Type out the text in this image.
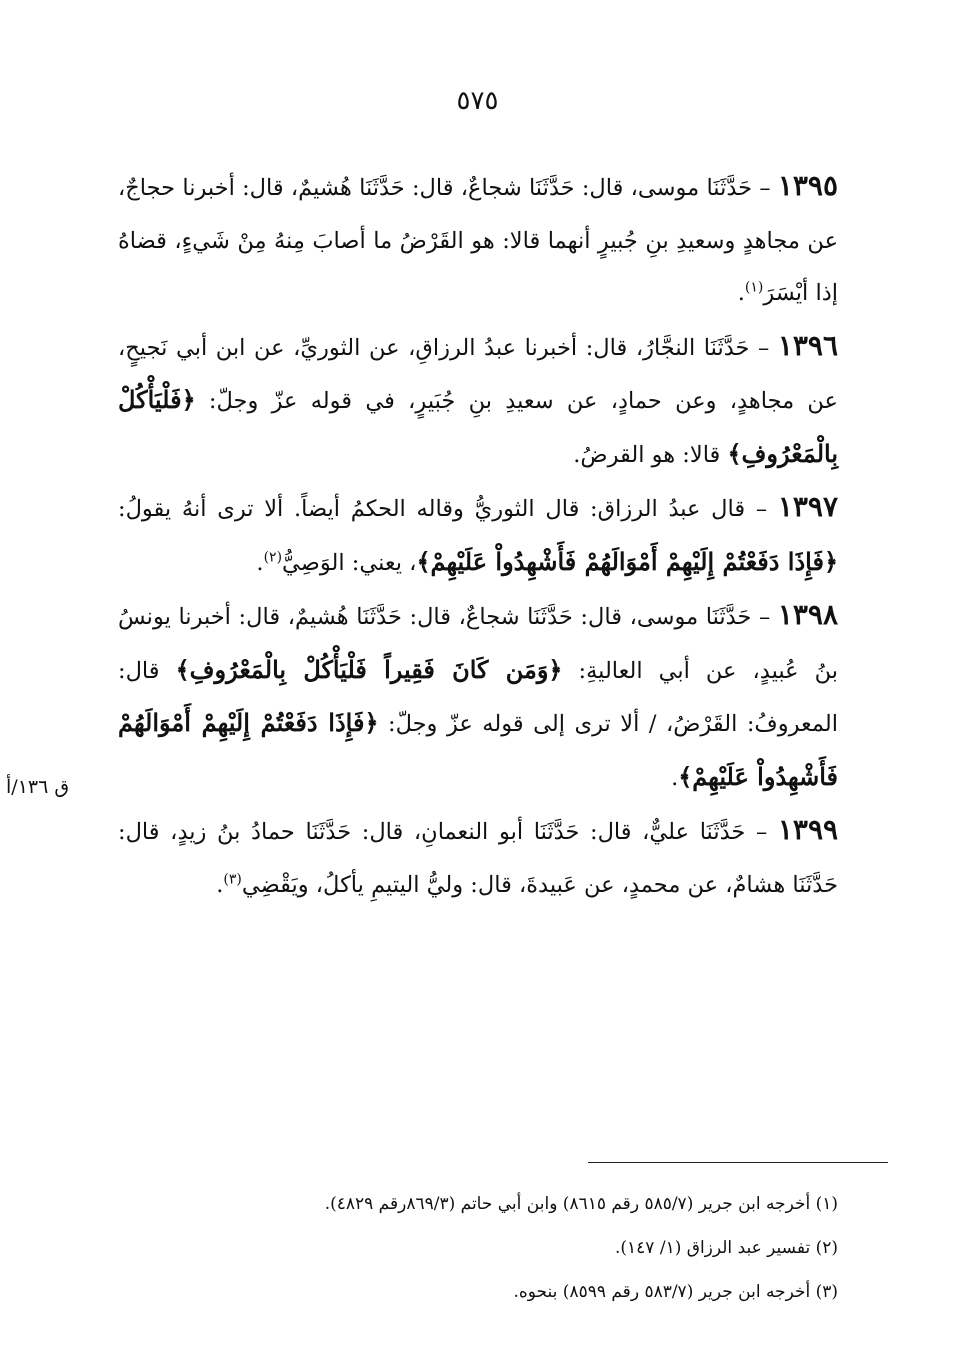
٥٧٥

١٣٩٥ – حَدَّثَنَا موسى، قال: حَدَّثَنَا شجاعٌ، قال: حَدَّثَنَا هُشيمٌ، قال: أخبرنا حجاجٌ، عن مجاهدٍ وسعيدِ بنِ جُبيرٍ أنهما قالا: هو القَرْضُ ما أصابَ مِنهُ مِنْ شَيءٍ، قضاهُ إذا أيْسَرَ$^{(١)}$.

١٣٩٦ – حَدَّثَنَا النجَّارُ، قال: أخبرنا عبدُ الرزاقِ، عن الثوريِّ، عن ابن أبي نَجيحٍ، عن مجاهدٍ، وعن حمادٍ، عن سعيدِ بنِ جُبَيرٍ، في قوله عزّ وجلّ: ﴿فَلْيَأْكُلْ بِالْمَعْرُوفِ﴾ قالا: هو القرضُ.

١٣٩٧ – قال عبدُ الرزاق: قال الثوريُّ وقاله الحكمُ أيضاً. ألا ترى أنهُ يقولُ: ﴿فَإِذَا دَفَعْتُمْ إِلَيْهِمْ أَمْوَالَهُمْ فَأَشْهِدُواْ عَلَيْهِمْ﴾، يعني: الوَصِيُّ$^{(٢)}$.

١٣٩٨ – حَدَّثَنَا موسى، قال: حَدَّثَنَا شجاعٌ، قال: حَدَّثَنَا هُشيمٌ، قال: أخبرنا يونسُ بنُ عُبيدٍ، عن أبي العاليةِ: ﴿وَمَن كَانَ فَقِيراً فَلْيَأْكُلْ بِالْمَعْرُوفِ﴾ قال: المعروفُ: القَرْضُ، / ألا ترى إلى قوله عزّ وجلّ: ﴿فَإِذَا دَفَعْتُمْ إِلَيْهِمْ أَمْوَالَهُمْ فَأَشْهِدُواْ عَلَيْهِمْ﴾.

١٣٩٩ – حَدَّثَنَا عليٌّ، قال: حَدَّثَنَا أبو النعمانِ، قال: حَدَّثَنَا حمادُ بنُ زيدٍ، قال: حَدَّثَنَا هشامٌ، عن محمدٍ، عن عَبيدةَ، قال: وليُّ اليتيمِ يأكلُ، ويَقْضِي$^{(٣)}$.

ق ١٣٦/أ

(١) أخرجه ابن جرير (٥٨٥/٧ رقم ٨٦١٥) وابن أبي حاتم (٨٦٩/٣رقم ٤٨٢٩).

(٢) تفسير عبد الرزاق (١/ ١٤٧).

(٣) أخرجه ابن جرير (٥٨٣/٧ رقم ٨٥٩٩) بنحوه.
